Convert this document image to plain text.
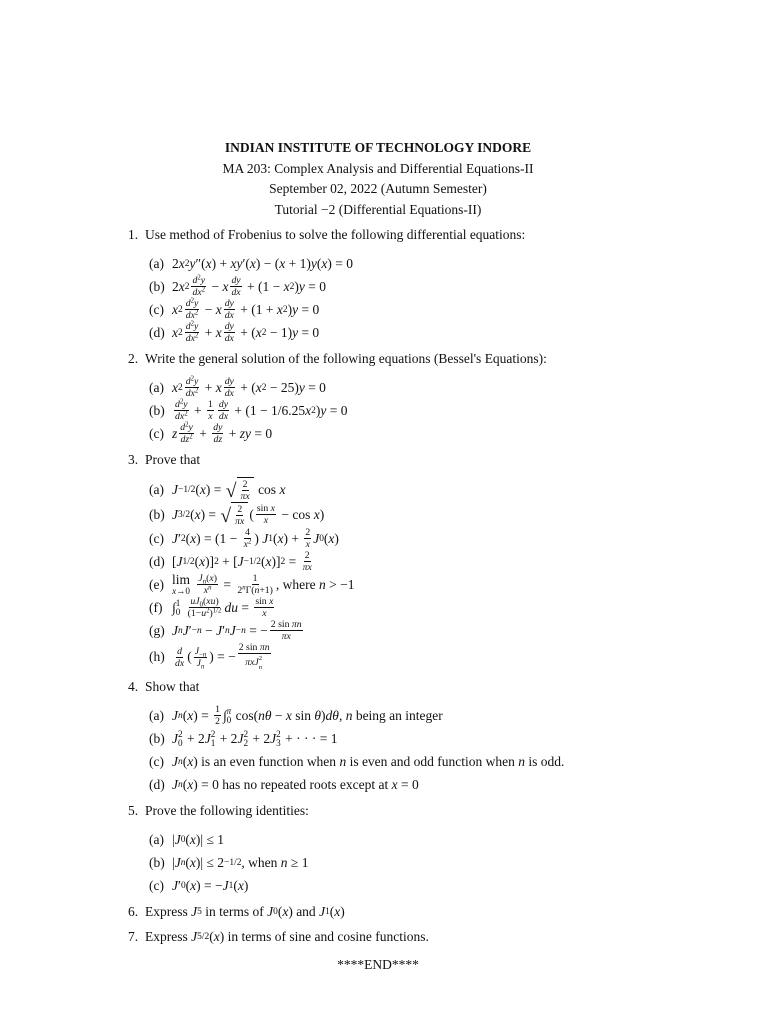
INDIAN INSTITUTE OF TECHNOLOGY INDORE
MA 203: Complex Analysis and Differential Equations-II
September 02, 2022 (Autumn Semester)
Tutorial −2 (Differential Equations-II)
1. Use method of Frobenius to solve the following differential equations:
(a) 2 x 2 y ″( x ) + xy ′( x ) − ( x + 1) y ( x ) = 0
(b) 2 x $2 \frac{d^2y}{dx^2} - x \frac{dy}{dx} + (1 - x$ 2 ) y = 0
(c) x $2 \frac{d^2y}{dx^2} - x \frac{dy}{dx} + (1 + x$ 2 ) y = 0
(d) x $2 \frac{d^2y}{dx^2} + x \frac{dy}{dx}$ + ( x 2 − 1) y = 0
2. Write the general solution of the following equations (Bessel's Equations):
(a) x $2 \frac{d^2y}{dx^2} + x \frac{dy}{dx}$ + ( x 2 − 25) y = 0
$(b) \frac{d^2y}{dx^2} + \frac{1}{x} \frac{dy}{dx} + (1 - 1/6.25$ x 2 ) y = 0
(c) z $\frac{d^2y}{dz^2} + \frac{dy}{dz}$ + zy = 0
3. Prove that
(a) J −1/2 ( x ) = √ $\frac{2}{\pi x}$
cos
x
(b) J 3/2 ( x ) = √ $\frac{2}{\pi x}$ ( $\frac{\text{sin x}}{x} - \cos$
x )
(c) J ′ 2 ( x ) = ($1 - \frac{4}{x^2}$ ) J 1 ( x ) + $\frac{2}{x}$ J 0 ( x )
(d) [ J 1/2 ( x )] 2 + [ J −1/2 ( x )] $2 = \frac{2}{\pi x}$
(e) lim
x→0
$\frac{J_n(x)}{x^n} = \frac{1}{2^n\Gamma(n+1)}$ , where n > −1
(f) ∫ 1
0
$\frac{uJ_0(xu)}{(1-u^2)^{1/2}}$ du = $\frac{\text{sin x}}{x}$
(g) J n J ′ −n − J ′ n J −n = − $\frac{\text{2 sin πn}}{\pi x}$
$(h) \frac{d}{dx}$ ( $\frac{J_{-n}}{J_n}$ ) = − 2 sin πn
πxJ 2
n
4. Show that
(a) J n ( x ) = $\frac{1}{2}$ ∫ π
0
cos ( nθ − x
sin
θ ) dθ , n being an integer
(b) J 2
0 + 2 J 2
1 + 2 J 2
2 + 2 J 2
3 + · · · = 1
(c) J n ( x ) is an even function when n is even and odd function when n is odd.
(d) J n ( x ) = 0 has no repeated roots except at x = 0
5. Prove the following identities:
(a) | J 0 ( x )| ≤ 1
(b) | J n ( x )| ≤ 2 −1/2 , when n ≥ 1
(c) J ′ 0 ( x ) = − J 1 ( x )
6. Express J 5 in terms of J 0 ( x ) and J 1 ( x )
7. Express J 5/2 ( x ) in terms of sine and cosine functions.
****END****
